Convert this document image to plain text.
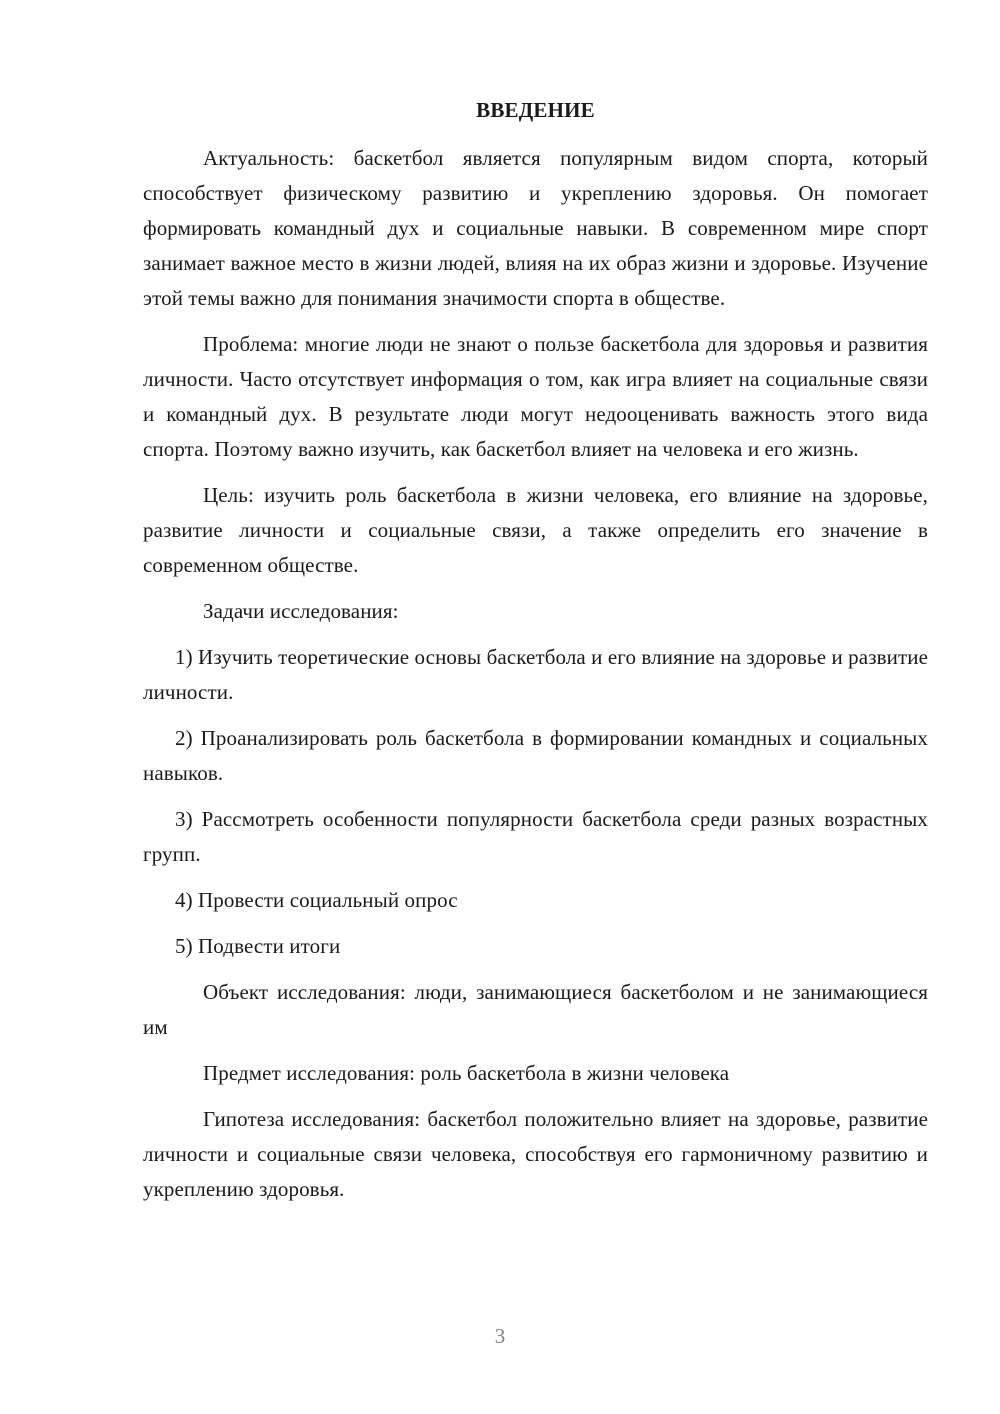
ВВЕДЕНИЕ

Актуальность: баскетбол является популярным видом спорта, который способствует физическому развитию и укреплению здоровья. Он помогает формировать командный дух и социальные навыки. В современном мире спорт занимает важное место в жизни людей, влияя на их образ жизни и здоровье. Изучение этой темы важно для понимания значимости спорта в обществе.

Проблема: многие люди не знают о пользе баскетбола для здоровья и развития личности. Часто отсутствует информация о том, как игра влияет на социальные связи и командный дух. В результате люди могут недооценивать важность этого вида спорта. Поэтому важно изучить, как баскетбол влияет на человека и его жизнь.

Цель: изучить роль баскетбола в жизни человека, его влияние на здоровье, развитие личности и социальные связи, а также определить его значение в современном обществе.

Задачи исследования:

1) Изучить теоретические основы баскетбола и его влияние на здоровье и развитие личности.

2) Проанализировать роль баскетбола в формировании командных и социальных навыков.

3) Рассмотреть особенности популярности баскетбола среди разных возрастных групп.

4) Провести социальный опрос

5) Подвести итоги

Объект исследования: люди, занимающиеся баскетболом и не занимающиеся им

Предмет исследования: роль баскетбола в жизни человека

Гипотеза исследования: баскетбол положительно влияет на здоровье, развитие личности и социальные связи человека, способствуя его гармоничному развитию и укреплению здоровья.

3
